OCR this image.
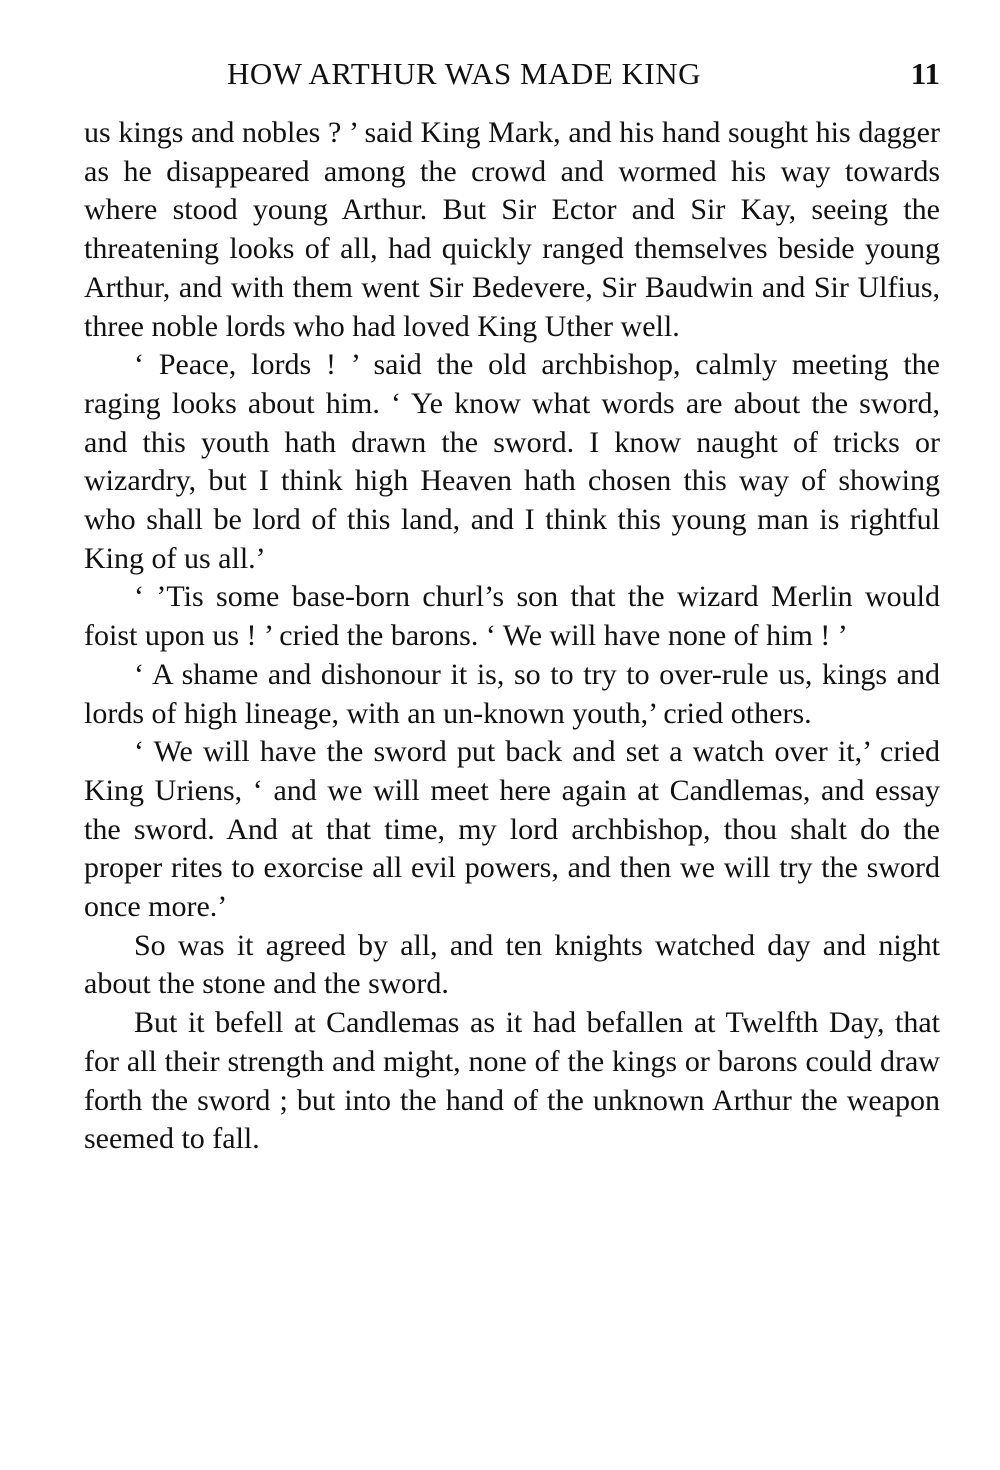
HOW ARTHUR WAS MADE KING	11

us kings and nobles ? ’ said King Mark, and his hand sought his dagger as he disappeared among the crowd and wormed his way towards where stood young Arthur. But Sir Ector and Sir Kay, seeing the threatening looks of all, had quickly ranged themselves beside young Arthur, and with them went Sir Bedevere, Sir Baudwin and Sir Ulfius, three noble lords who had loved King Uther well.

‘ Peace, lords ! ’ said the old archbishop, calmly meeting the raging looks about him. ‘ Ye know what words are about the sword, and this youth hath drawn the sword. I know naught of tricks or wizardry, but I think high Heaven hath chosen this way of showing who shall be lord of this land, and I think this young man is rightful King of us all.’

‘ ’Tis some base-born churl’s son that the wizard Merlin would foist upon us ! ’ cried the barons. ‘ We will have none of him ! ’

‘ A shame and dishonour it is, so to try to over-rule us, kings and lords of high lineage, with an un-known youth,’ cried others.

‘ We will have the sword put back and set a watch over it,’ cried King Uriens, ‘ and we will meet here again at Candlemas, and essay the sword. And at that time, my lord archbishop, thou shalt do the proper rites to exorcise all evil powers, and then we will try the sword once more.’

So was it agreed by all, and ten knights watched day and night about the stone and the sword.

But it befell at Candlemas as it had befallen at Twelfth Day, that for all their strength and might, none of the kings or barons could draw forth the sword ; but into the hand of the unknown Arthur the weapon seemed to fall.
